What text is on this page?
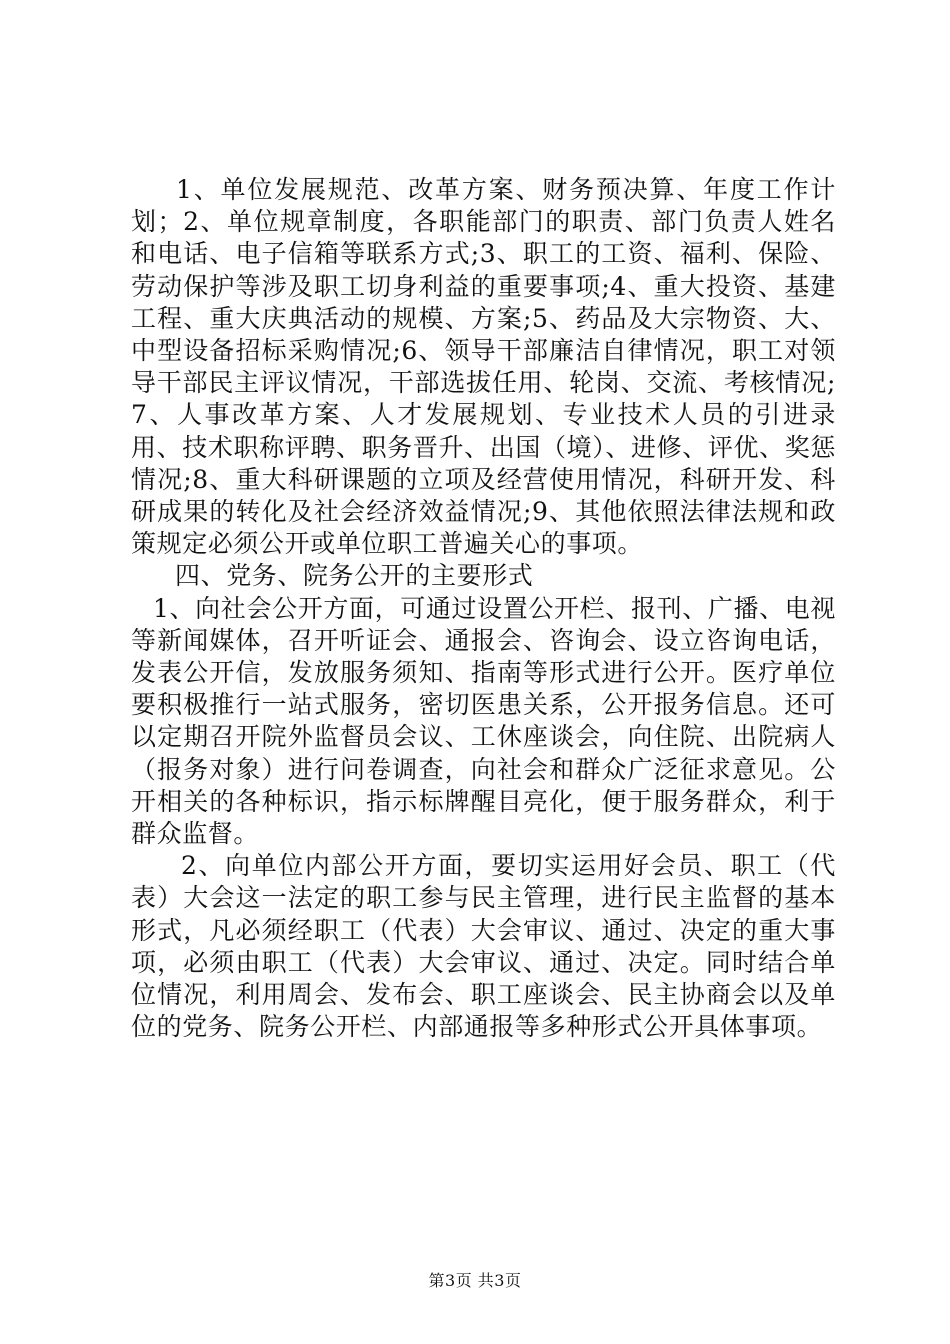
1、单位发展规范、改革方案、财务预决算、年度工作计划；2、单位规章制度，各职能部门的职责、部门负责人姓名和电话、电子信箱等联系方式;3、职工的工资、福利、保险、劳动保护等涉及职工切身利益的重要事项;4、重大投资、基建工程、重大庆典活动的规模、方案;5、药品及大宗物资、大、中型设备招标采购情况;6、领导干部廉洁自律情况，职工对领导干部民主评议情况，干部选拔任用、轮岗、交流、考核情况;7、人事改革方案、人才发展规划、专业技术人员的引进录用、技术职称评聘、职务晋升、出国（境）、进修、评优、奖惩情况;8、重大科研课题的立项及经营使用情况，科研开发、科研成果的转化及社会经济效益情况;9、其他依照法律法规和政策规定必须公开或单位职工普遍关心的事项。

四、党务、院务公开的主要形式

1、向社会公开方面，可通过设置公开栏、报刊、广播、电视等新闻媒体，召开听证会、通报会、咨询会、设立咨询电话，发表公开信，发放服务须知、指南等形式进行公开。医疗单位要积极推行一站式服务，密切医患关系，公开报务信息。还可以定期召开院外监督员会议、工休座谈会，向住院、出院病人（报务对象）进行问卷调查，向社会和群众广泛征求意见。公开相关的各种标识，指示标牌醒目亮化，便于服务群众，利于群众监督。

2、向单位内部公开方面，要切实运用好会员、职工（代表）大会这一法定的职工参与民主管理，进行民主监督的基本形式，凡必须经职工（代表）大会审议、通过、决定的重大事项，必须由职工（代表）大会审议、通过、决定。同时结合单位情况，利用周会、发布会、职工座谈会、民主协商会以及单位的党务、院务公开栏、内部通报等多种形式公开具体事项。

第3页 共3页
